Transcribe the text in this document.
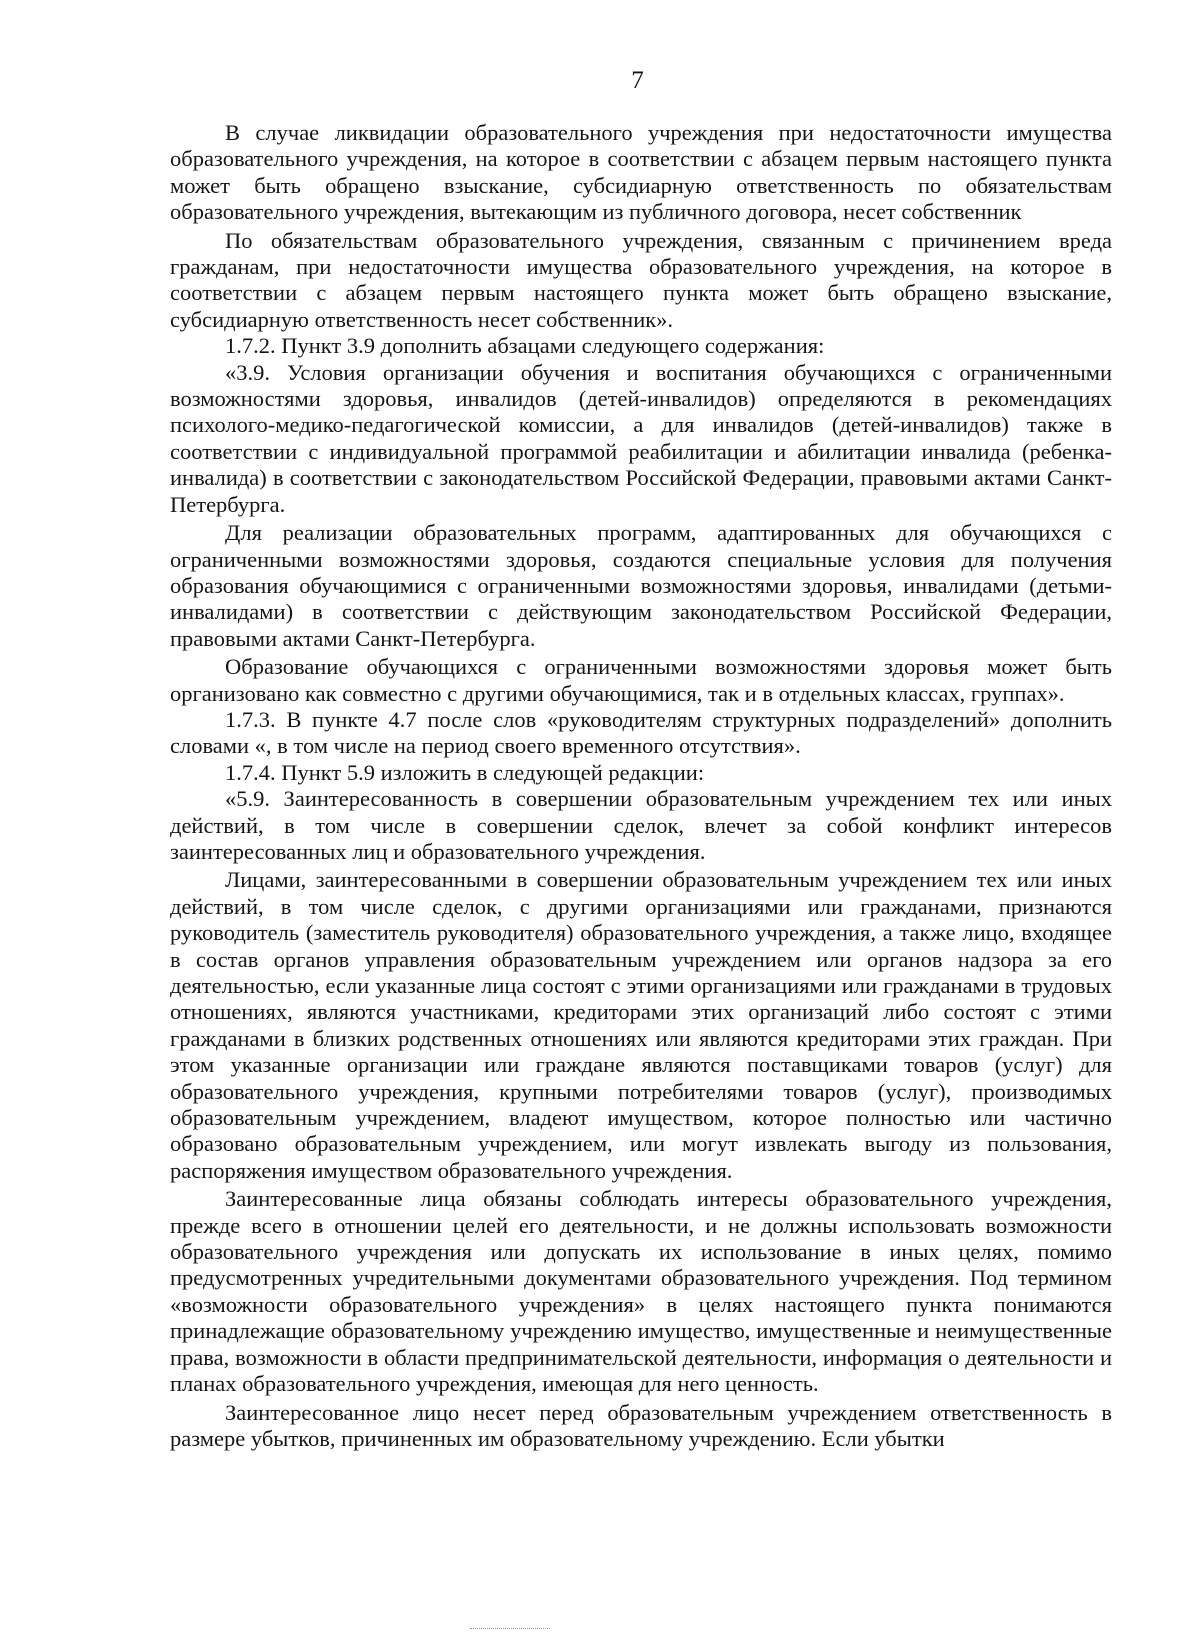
7

В случае ликвидации образовательного учреждения при недостаточности имущества образовательного учреждения, на которое в соответствии с абзацем первым настоящего пункта может быть обращено взыскание, субсидиарную ответственность по обязательствам образовательного учреждения, вытекающим из публичного договора, несет собственник

По обязательствам образовательного учреждения, связанным с причинением вреда гражданам, при недостаточности имущества образовательного учреждения, на которое в соответствии с абзацем первым настоящего пункта может быть обращено взыскание, субсидиарную ответственность несет собственник».

1.7.2. Пункт 3.9 дополнить абзацами следующего содержания:

«3.9. Условия организации обучения и воспитания обучающихся с ограниченными возможностями здоровья, инвалидов (детей-инвалидов) определяются в рекомендациях психолого-медико-педагогической комиссии, а для инвалидов (детей-инвалидов) также в соответствии с индивидуальной программой реабилитации и абилитации инвалида (ребенка-инвалида) в соответствии с законодательством Российской Федерации, правовыми актами Санкт-Петербурга.

Для реализации образовательных программ, адаптированных для обучающихся с ограниченными возможностями здоровья, создаются специальные условия для получения образования обучающимися с ограниченными возможностями здоровья, инвалидами (детьми-инвалидами) в соответствии с действующим законодательством Российской Федерации, правовыми актами Санкт-Петербурга.

Образование обучающихся с ограниченными возможностями здоровья может быть организовано как совместно с другими обучающимися, так и в отдельных классах, группах».

1.7.3. В пункте 4.7 после слов «руководителям структурных подразделений» дополнить словами «, в том числе на период своего временного отсутствия».

1.7.4. Пункт 5.9 изложить в следующей редакции:

«5.9. Заинтересованность в совершении образовательным учреждением тех или иных действий, в том числе в совершении сделок, влечет за собой конфликт интересов заинтересованных лиц и образовательного учреждения.

Лицами, заинтересованными в совершении образовательным учреждением тех или иных действий, в том числе сделок, с другими организациями или гражданами, признаются руководитель (заместитель руководителя) образовательного учреждения, а также лицо, входящее в состав органов управления образовательным учреждением или органов надзора за его деятельностью, если указанные лица состоят с этими организациями или гражданами в трудовых отношениях, являются участниками, кредиторами этих организаций либо состоят с этими гражданами в близких родственных отношениях или являются кредиторами этих граждан. При этом указанные организации или граждане являются поставщиками товаров (услуг) для образовательного учреждения, крупными потребителями товаров (услуг), производимых образовательным учреждением, владеют имуществом, которое полностью или частично образовано образовательным учреждением, или могут извлекать выгоду из пользования, распоряжения имуществом образовательного учреждения.

Заинтересованные лица обязаны соблюдать интересы образовательного учреждения, прежде всего в отношении целей его деятельности, и не должны использовать возможности образовательного учреждения или допускать их использование в иных целях, помимо предусмотренных учредительными документами образовательного учреждения. Под термином «возможности образовательного учреждения» в целях настоящего пункта понимаются принадлежащие образовательному учреждению имущество, имущественные и неимущественные права, возможности в области предпринимательской деятельности, информация о деятельности и планах образовательного учреждения, имеющая для него ценность.

Заинтересованное лицо несет перед образовательным учреждением ответственность в размере убытков, причиненных им образовательному учреждению. Если убытки
